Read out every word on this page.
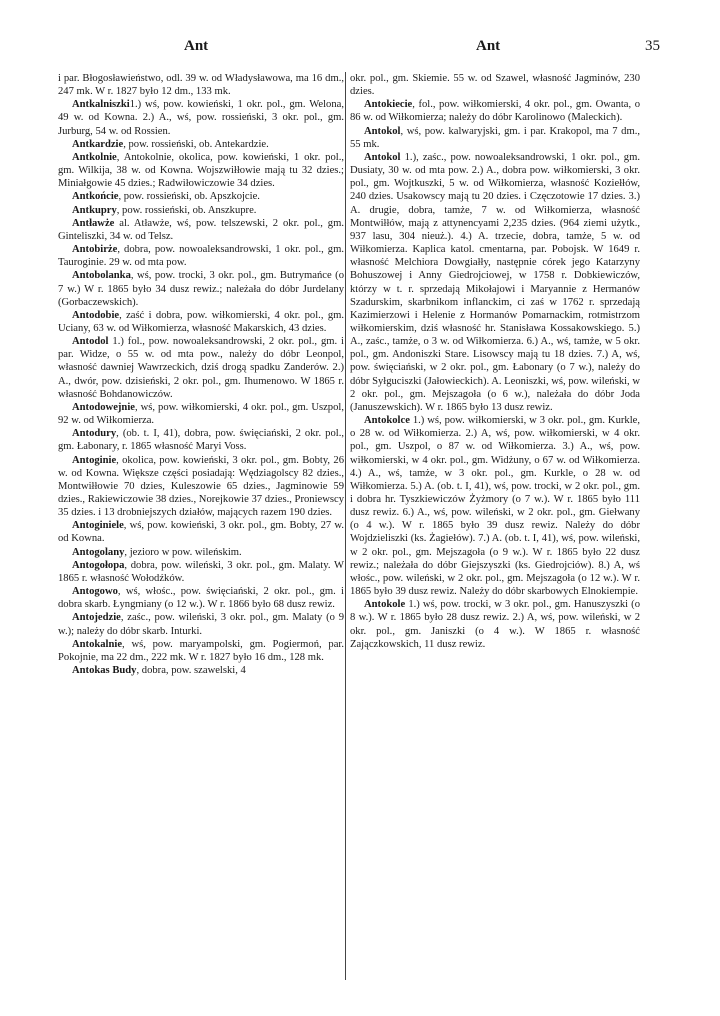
Ant	Ant	35

i par. Błogosławieństwo, odl. 39 w. od Władysławowa, ma 16 dm., 247 mk. W r. 1827 było 12 dm., 133 mk.

Antkalniszki1.) wś, pow. kowieński, 1 okr. pol., gm. Welona, 49 w. od Kowna. 2.) A., wś, pow. rossieński, 3 okr. pol., gm. Jurburg, 54 w. od Rossien.

Antkardzie, pow. rossieński, ob. Antekardzie.

Antkolnie, Antokolnie, okolica, pow. kowieński, 1 okr. pol., gm. Wilkija, 38 w. od Kowna. Wojszwiłłowie mają tu 32 dzies.; Miniałgowie 45 dzies.; Radwiłowiczowie 34 dzies.

Antkońcie, pow. rossieński, ob. Apszkojcie.

Antkupry, pow. rossieński, ob. Anszkupre.

Antławże al. Atławże, wś, pow. telszewski, 2 okr. pol., gm. Ginteliszki, 34 w. od Telsz.

Antobirże, dobra, pow. nowoaleksandrowski, 1 okr. pol., gm. Tauroginie. 29 w. od mta pow.

Antobolanka, wś, pow. trocki, 3 okr. pol., gm. Butrymańce (o 7 w.) W r. 1865 było 34 dusz rewiz.; należała do dóbr Jurdelany (Gorbaczewskich).

Antodobie, zaść i dobra, pow. wiłkomierski, 4 okr. pol., gm. Uciany, 63 w. od Wiłkomierza, własność Makarskich, 43 dzies.

Antodol 1.) fol., pow. nowoaleksandrowski, 2 okr. pol., gm. i par. Widze, o 55 w. od mta pow., należy do dóbr Leonpol, własność dawniej Wawrzeckich, dziś drogą spadku Zanderów. 2.) A., dwór, pow. dzisieński, 2 okr. pol., gm. Ihumenowo. W 1865 r. własność Bohdanowiczów.

Antodowejnie, wś, pow. wiłkomierski, 4 okr. pol., gm. Uszpol, 92 w. od Wiłkomierza.

Antodury, (ob. t. I, 41), dobra, pow. święciański, 2 okr. pol., gm. Łabonary, r. 1865 własność Maryi Voss.

Antoginie, okolica, pow. kowieński, 3 okr. pol., gm. Bobty, 26 w. od Kowna. Większe części posiadają: Wędziagolscy 82 dzies., Montwiłłowie 70 dzies, Kuleszowie 65 dzies., Jagminowie 59 dzies., Rakiewiczowie 38 dzies., Norejkowie 37 dzies., Proniewscy 35 dzies. i 13 drobniejszych działów, mających razem 190 dzies.

Antoginiele, wś, pow. kowieński, 3 okr. pol., gm. Bobty, 27 w. od Kowna.

Antogolany, jezioro w pow. wileńskim.

Antogołopa, dobra, pow. wileński, 3 okr. pol., gm. Malaty. W 1865 r. własność Wołodźków.

Antogowo, wś, włośc., pow. święciański, 2 okr. pol., gm. i dobra skarb. Łyngmiany (o 12 w.). W r. 1866 było 68 dusz rewiz.

Antojedzie, zaśc., pow. wileński, 3 okr. pol., gm. Malaty (o 9 w.); należy do dóbr skarb. Inturki.

Antokalnie, wś, pow. maryampolski, gm. Pogiermoń, par. Pokojnie, ma 22 dm., 222 mk. W r. 1827 było 16 dm., 128 mk.

Antokas Budy, dobra, pow. szawelski, 4

okr. pol., gm. Skiemie. 55 w. od Szawel, własność Jagminów, 230 dzies.

Antokiecie, fol., pow. wiłkomierski, 4 okr. pol., gm. Owanta, o 86 w. od Wiłkomierza; należy do dóbr Karolinowo (Maleckich).

Antokol, wś, pow. kalwaryjski, gm. i par. Krakopol, ma 7 dm., 55 mk.

Antokol 1.), zaśc., pow. nowoaleksandrowski, 1 okr. pol., gm. Dusiaty, 30 w. od mta pow. 2.) A., dobra pow. wiłkomierski, 3 okr. pol., gm. Wojtkuszki, 5 w. od Wiłkomierza, własność Koziełłów, 240 dzies. Usakowscy mają tu 20 dzies. i Częczotowie 17 dzies. 3.) A. drugie, dobra, tamże, 7 w. od Wiłkomierza, własność Montwiłłów, mają z attynencyami 2,235 dzies. (964 ziemi użytk., 937 lasu, 304 nieuż.). 4.) A. trzecie, dobra, tamże, 5 w. od Wiłkomierza. Kaplica katol. cmentarna, par. Pobojsk. W 1649 r. własność Melchiora Dowgiałły, następnie córek jego Katarzyny Bohuszowej i Anny Giedrojciowej, w 1758 r. Dobkiewiczów, którzy w t. r. sprzedają Mikołajowi i Maryannie z Hermanów Szadurskim, skarbnikom inflanckim, ci zaś w 1762 r. sprzedają Kazimierzowi i Helenie z Hormanów Pomarnackim, rotmistrzom wiłkomierskim, dziś własność hr. Stanisława Kossakowskiego. 5.) A., zaśc., tamże, o 3 w. od Wiłkomierza. 6.) A., wś, tamże, w 5 okr. pol., gm. Andoniszki Stare. Lisowscy mają tu 18 dzies. 7.) A, wś, pow. święciański, w 2 okr. pol., gm. Łabonary (o 7 w.), należy do dóbr Syłguciszki (Jałowieckich). A. Leoniszki, wś, pow. wileński, w 2 okr. pol., gm. Mejszagoła (o 6 w.), należała do dóbr Joda (Januszewskich). W r. 1865 było 13 dusz rewiz.

Antokolce 1.) wś, pow. wiłkomierski, w 3 okr. pol., gm. Kurkle, o 28 w. od Wiłkomierza. 2.) A, wś, pow. wiłkomierski, w 4 okr. pol., gm. Uszpol, o 87 w. od Wiłkomierza. 3.) A., wś, pow. wiłkomierski, w 4 okr. pol., gm. Widżuny, o 67 w. od Wiłkomierza. 4.) A., wś, tamże, w 3 okr. pol., gm. Kurkle, o 28 w. od Wiłkomierza. 5.) A. (ob. t. I, 41), wś, pow. trocki, w 2 okr. pol., gm. i dobra hr. Tyszkiewiczów Żyżmory (o 7 w.). W r. 1865 było 111 dusz rewiz. 6.) A., wś, pow. wileński, w 2 okr. pol., gm. Giełwany (o 4 w.). W r. 1865 było 39 dusz rewiz. Należy do dóbr Wojdzieliszki (ks. Żagiełów). 7.) A. (ob. t. I, 41), wś, pow. wileński, w 2 okr. pol., gm. Mejszagoła (o 9 w.). W r. 1865 było 22 dusz rewiz.; należała do dóbr Giejszyszki (ks. Giedrojciów). 8.) A, wś włośc., pow. wileński, w 2 okr. pol., gm. Mejszagoła (o 12 w.). W r. 1865 było 39 dusz rewiz. Należy do dóbr skarbowych Elnokiempie.

Antokole 1.) wś, pow. trocki, w 3 okr. pol., gm. Hanuszyszki (o 8 w.). W r. 1865 było 28 dusz rewiz. 2.) A, wś, pow. wileński, w 2 okr. pol., gm. Janiszki (o 4 w.). W 1865 r. własność Zajączkowskich, 11 dusz rewiz.
